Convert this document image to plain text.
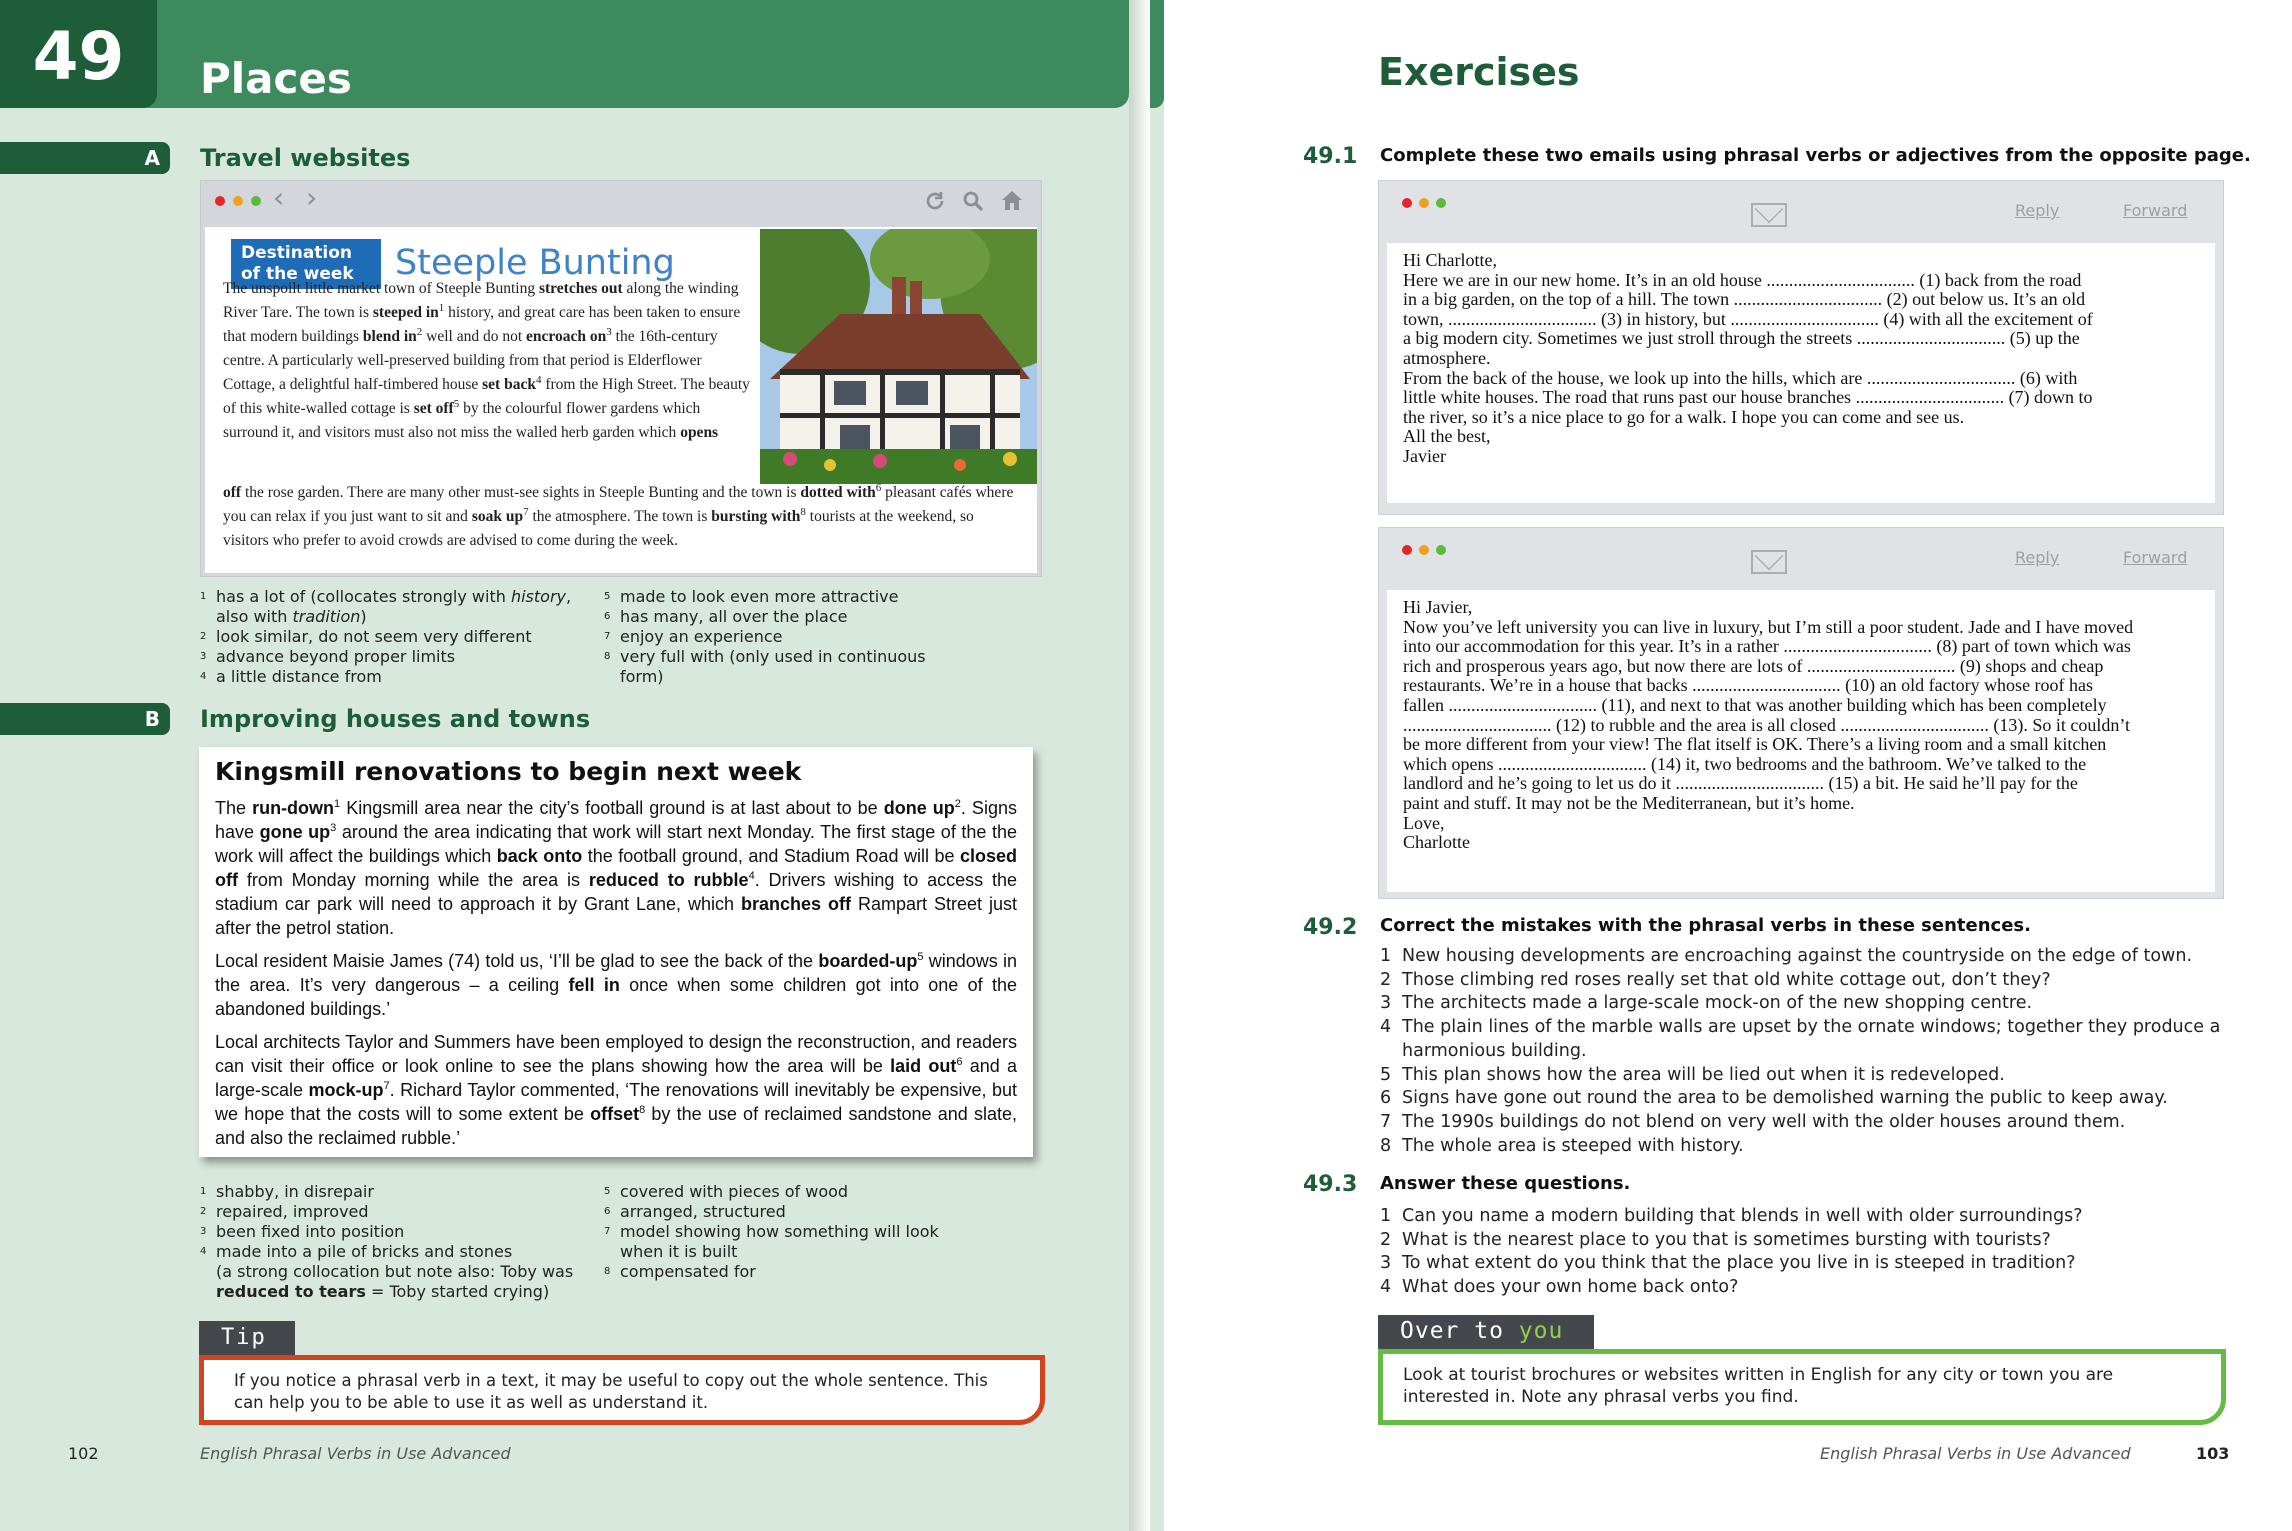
49	Places
A Travel websites
‹ ›
Destination of the week	Steeple Bunting
The unspoilt little market town of Steeple Bunting stretches out along the winding River Tare. The town is steeped $in^1$ history, and great care has been taken to ensure that modern buildings blend $in^2$ well and do not encroach $on^3$ the 16th-century centre. A particularly well-preserved building from that period is Elderflower Cottage, a delightful half-timbered house set back$^4$ from the High Street. The beauty of this white-walled cottage is set off$^5$ by the colourful flower gardens which surround it, and visitors must also not miss the walled herb garden which opens
off the rose garden. There are many other must-see sights in Steeple Bunting and the town is dotted with$^6$ pleasant cafés where you can relax if you just want to sit and soak $up^7$ the atmosphere. The town is bursting with$^8$ tourists at the weekend, so visitors who prefer to avoid crowds are advised to come during the week.
1 has a lot of (collocates strongly with history,
also with tradition)
2 look similar, do not seem very different
3 advance beyond proper limits
4 a little distance from
5 made to look even more attractive
6 has many, all over the place
7 enjoy an experience
8 very full with (only used in continuous
form)
B Improving houses and towns
Kingsmill renovations to begin next week
The run-down$^1$ Kingsmill area near the city’s football ground is at last about to be done $up^2$. Signs have gone $up^3$ around the area indicating that work will start next Monday. The first stage of the the work will affect the buildings which back onto the football ground, and Stadium Road will be closed off from Monday morning while the area is reduced to rubble$^4$. Drivers wishing to access the stadium car park will need to approach it by Grant Lane, which branches off Rampart Street just after the petrol station.
Local resident Maisie James (74) told us, ‘I’ll be glad to see the back of the boarded-$up^5$ windows in the area. It’s very dangerous – a ceiling fell in once when some children got into one of the abandoned buildings.’
Local architects Taylor and Summers have been employed to design the reconstruction, and readers can visit their office or look online to see the plans showing how the area will be laid out$^6$ and a large-scale mock-$up^7$. Richard Taylor commented, ‘The renovations will inevitably be expensive, but we hope that the costs will to some extent be offset$^8$ by the use of reclaimed sandstone and slate, and also the reclaimed rubble.’
1 shabby, in disrepair
2 repaired, improved
3 been fixed into position
4 made into a pile of bricks and stones
(a strong collocation but note also: Toby was
reduced to tears = Toby started crying)
5 covered with pieces of wood
6 arranged, structured
7 model showing how something will look
when it is built
8 compensated for
Tip
If you notice a phrasal verb in a text, it may be useful to copy out the whole sentence. This can help you to be able to use it as well as understand it.
102	English Phrasal Verbs in Use Advanced
Exercises
49.1 Complete these two emails using phrasal verbs or adjectives from the opposite page.
Reply	Forward
Hi Charlotte,
Here we are in our new home. It’s in an old house ................................. (1) back from the road
in a big garden, on the top of a hill. The town ................................. (2) out below us. It’s an old
town, ................................. (3) in history, but ................................. (4) with all the excitement of
a big modern city. Sometimes we just stroll through the streets ................................. (5) up the
atmosphere.
From the back of the house, we look up into the hills, which are ................................. (6) with
little white houses. The road that runs past our house branches ................................. (7) down to
the river, so it’s a nice place to go for a walk. I hope you can come and see us.
All the best,
Javier
Reply	Forward
Hi Javier,
Now you’ve left university you can live in luxury, but I’m still a poor student. Jade and I have moved
into our accommodation for this year. It’s in a rather ................................. (8) part of town which was
rich and prosperous years ago, but now there are lots of ................................. (9) shops and cheap
restaurants. We’re in a house that backs ................................. (10) an old factory whose roof has
fallen ................................. (11), and next to that was another building which has been completely
................................. (12) to rubble and the area is all closed ................................. (13). So it couldn’t
be more different from your view! The flat itself is OK. There’s a living room and a small kitchen
which opens ................................. (14) it, two bedrooms and the bathroom. We’ve talked to the
landlord and he’s going to let us do it ................................. (15) a bit. He said he’ll pay for the
paint and stuff. It may not be the Mediterranean, but it’s home.
Love,
Charlotte
49.2 Correct the mistakes with the phrasal verbs in these sentences.
1 New housing developments are encroaching against the countryside on the edge of town.
2 Those climbing red roses really set that old white cottage out, don’t they?
3 The architects made a large-scale mock-on of the new shopping centre.
4 The plain lines of the marble walls are upset by the ornate windows; together they produce a
harmonious building.
5 This plan shows how the area will be lied out when it is redeveloped.
6 Signs have gone out round the area to be demolished warning the public to keep away.
7 The 1990s buildings do not blend on very well with the older houses around them.
8 The whole area is steeped with history.
49.3 Answer these questions.
1 Can you name a modern building that blends in well with older surroundings?
2 What is the nearest place to you that is sometimes bursting with tourists?
3 To what extent do you think that the place you live in is steeped in tradition?
4 What does your own home back onto?
Over to you
Look at tourist brochures or websites written in English for any city or town you are interested in. Note any phrasal verbs you find.
English Phrasal Verbs in Use Advanced	103
